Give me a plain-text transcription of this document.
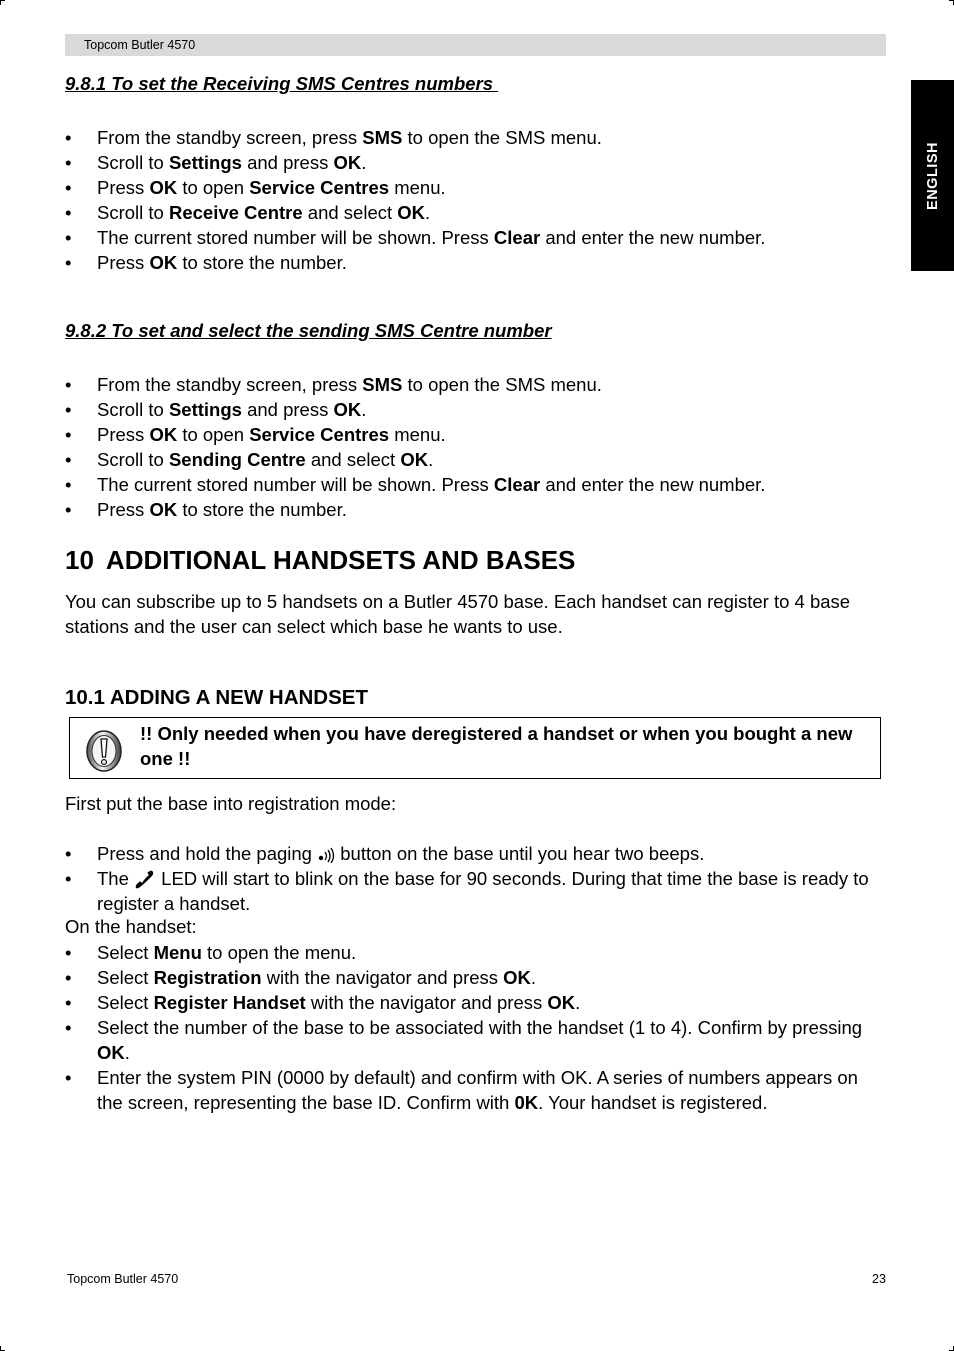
Topcom Butler 4570
ENGLISH
9.8.1 To set the Receiving SMS Centres numbers
• From the standby screen, press SMS to open the SMS menu.
• Scroll to Settings and press OK.
• Press OK to open Service Centres menu.
• Scroll to Receive Centre and select OK.
• The current stored number will be shown. Press Clear and enter the new number.
• Press OK to store the number.
9.8.2 To set and select the sending SMS Centre number
• From the standby screen, press SMS to open the SMS menu.
• Scroll to Settings and press OK.
• Press OK to open Service Centres menu.
• Scroll to Sending Centre and select OK.
• The current stored number will be shown. Press Clear and enter the new number.
• Press OK to store the number.
10 ADDITIONAL HANDSETS AND BASES
You can subscribe up to 5 handsets on a Butler 4570 base. Each handset can register to 4 base stations and the user can select which base he wants to use.
10.1 ADDING A NEW HANDSET
!! Only needed when you have deregistered a handset or when you bought a new one !!
First put the base into registration mode:
• Press and hold the paging  button on the base until you hear two beeps.
• The  LED will start to blink on the base for 90 seconds. During that time the base is ready to register a handset.
On the handset:
• Select Menu to open the menu.
• Select Registration with the navigator and press OK.
• Select Register Handset with the navigator and press OK.
• Select the number of the base to be associated with the handset (1 to 4). Confirm by pressing OK.
• Enter the system PIN (0000 by default) and confirm with OK. A series of numbers appears on the screen, representing the base ID. Confirm with 0K. Your handset is registered.
Topcom Butler 4570	23
